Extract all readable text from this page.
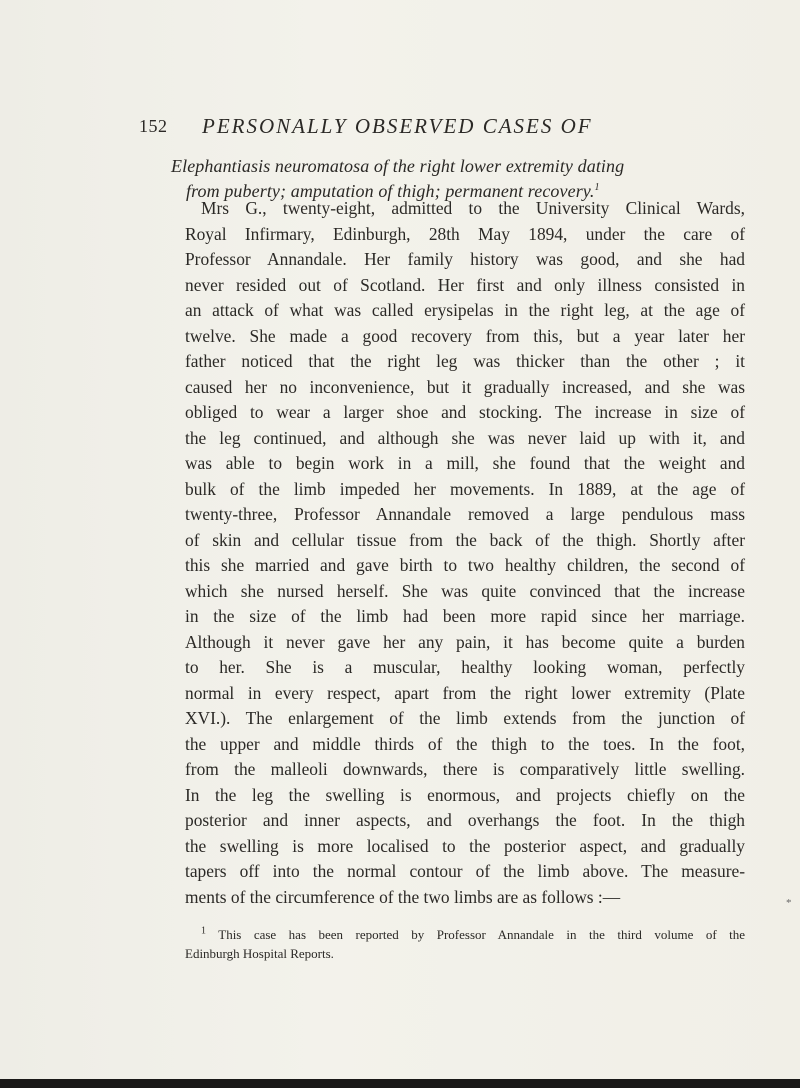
152 PERSONALLY OBSERVED CASES OF
Elephantiasis neuromatosa of the right lower extremity dating
from puberty; amputation of thigh; permanent recovery.$^1$
Mrs G., twenty-eight, admitted to the University Clinical Wards,
Royal Infirmary, Edinburgh, 28th May 1894, under the care of
Professor Annandale. Her family history was good, and she had
never resided out of Scotland. Her first and only illness consisted in
an attack of what was called erysipelas in the right leg, at the age of
twelve. She made a good recovery from this, but a year later her
father noticed that the right leg was thicker than the other ; it
caused her no inconvenience, but it gradually increased, and she was
obliged to wear a larger shoe and stocking. The increase in size of
the leg continued, and although she was never laid up with it, and
was able to begin work in a mill, she found that the weight and
bulk of the limb impeded her movements. In 1889, at the age of
twenty-three, Professor Annandale removed a large pendulous mass
of skin and cellular tissue from the back of the thigh. Shortly after
this she married and gave birth to two healthy children, the second of
which she nursed herself. She was quite convinced that the increase
in the size of the limb had been more rapid since her marriage.
Although it never gave her any pain, it has become quite a burden
to her. She is a muscular, healthy looking woman, perfectly
normal in every respect, apart from the right lower extremity (Plate
XVI.). The enlargement of the limb extends from the junction of
the upper and middle thirds of the thigh to the toes. In the foot,
from the malleoli downwards, there is comparatively little swelling.
In the leg the swelling is enormous, and projects chiefly on the
posterior and inner aspects, and overhangs the foot. In the thigh
the swelling is more localised to the posterior aspect, and gradually
tapers off into the normal contour of the limb above. The measure-
ments of the circumference of the two limbs are as follows :—	*
$^1$ This case has been reported by Professor Annandale in the third volume of the
Edinburgh Hospital Reports.
